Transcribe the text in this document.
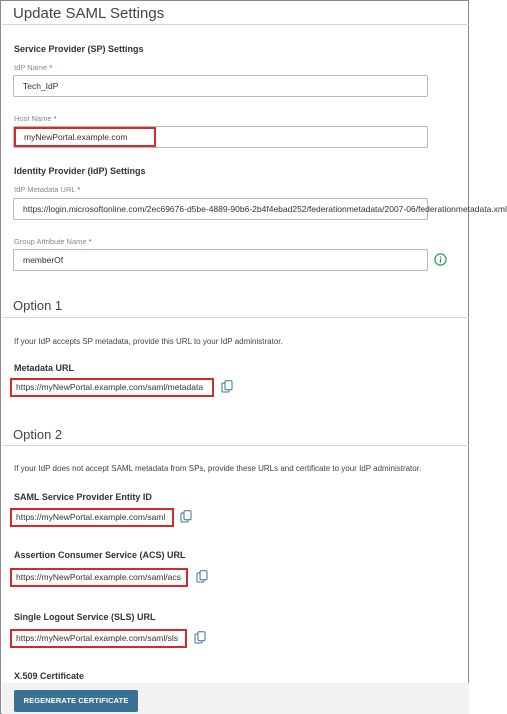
Update SAML Settings
Service Provider (SP) Settings
IdP Name *
Tech_IdP
Host Name *
myNewPortal.example.com
Identity Provider (IdP) Settings
IdP Metadata URL *
https://login.microsoftonline.com/2ec69676-d5be-4889-90b6-2b4f4ebad252/federationmetadata/2007-06/federationmetadata.xml
Group Attribute Name *
memberOf
Option 1
If your IdP accepts SP metadata, provide this URL to your IdP administrator.
Metadata URL
https://myNewPortal.example.com/saml/metadata
Option 2
If your IdP does not accept SAML metadata from SPs, provide these URLs and certificate to your IdP administrator.
SAML Service Provider Entity ID
https://myNewPortal.example.com/saml
Assertion Consumer Service (ACS) URL
https://myNewPortal.example.com/saml/acs
Single Logout Service (SLS) URL
https://myNewPortal.example.com/saml/sls
X.509 Certificate
REGENERATE CERTIFICATE
